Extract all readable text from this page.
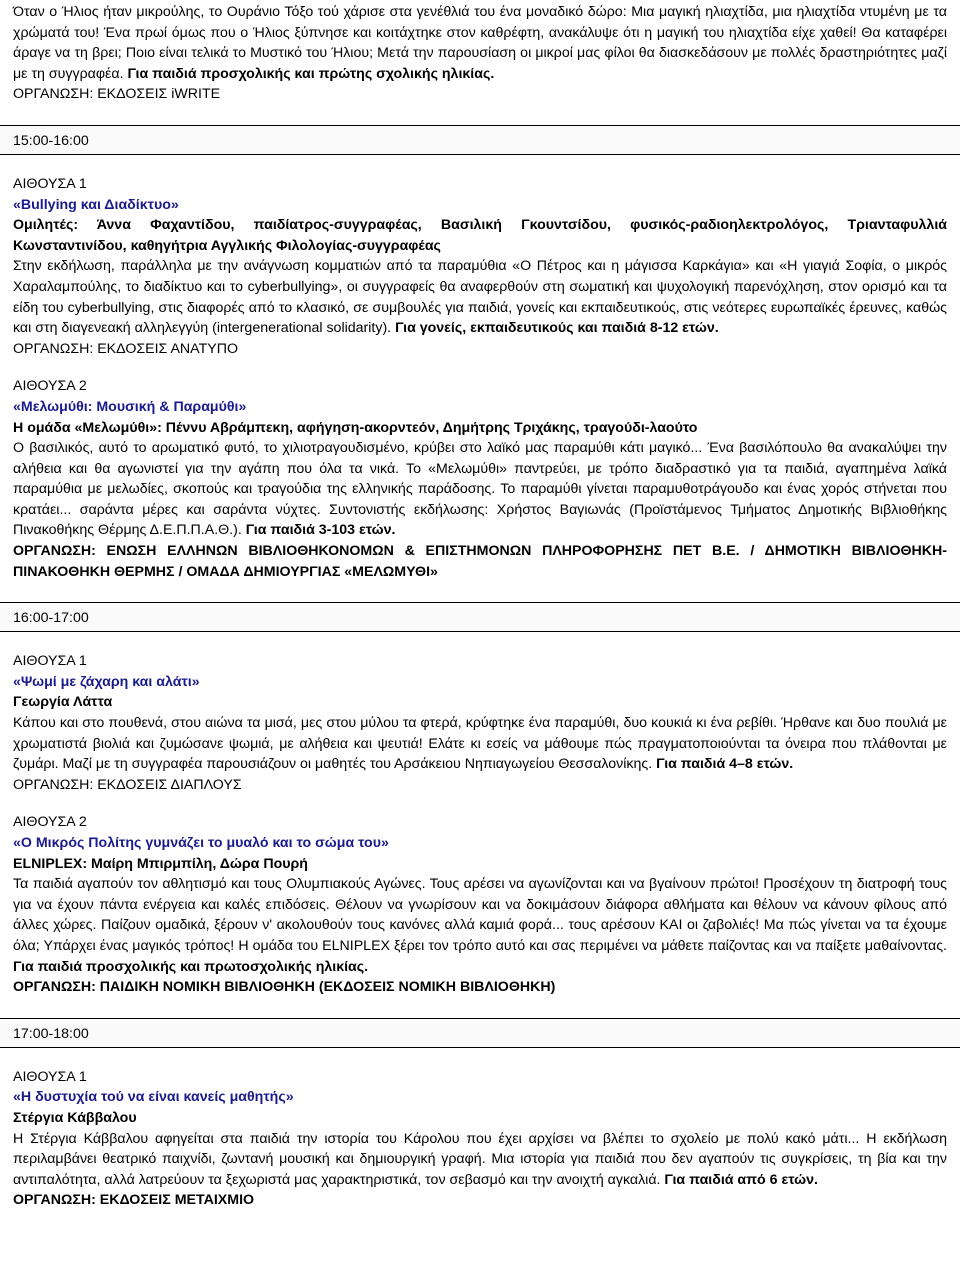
Όταν ο Ήλιος ήταν μικρούλης, το Ουράνιο Τόξο τού χάρισε στα γενέθλιά του ένα μοναδικό δώρο: Μια μαγική ηλιαχτίδα, μια ηλιαχτίδα ντυμένη με τα χρώματά του! Ένα πρωί όμως που ο Ήλιος ξύπνησε και κοιτάχτηκε στον καθρέφτη, ανακάλυψε ότι η μαγική του ηλιαχτίδα είχε χαθεί! Θα καταφέρει άραγε να τη βρει; Ποιο είναι τελικά το Μυστικό του Ήλιου; Μετά την παρουσίαση οι μικροί μας φίλοι θα διασκεδάσουν με πολλές δραστηριότητες μαζί με τη συγγραφέα. Για παιδιά προσχολικής και πρώτης σχολικής ηλικίας.

ΟΡΓΑΝΩΣΗ: ΕΚΔΟΣΕΙΣ iWRITE

15:00-16:00

ΑΙΘΟΥΣΑ 1

«Bullying και Διαδίκτυο»

Ομιλητές: Άννα Φαχαντίδου, παιδίατρος-συγγραφέας, Βασιλική Γκουντσίδου, φυσικός-ραδιοηλεκτρολόγος, Τριανταφυλλιά Κωνσταντινίδου, καθηγήτρια Αγγλικής Φιλολογίας-συγγραφέας

Στην εκδήλωση, παράλληλα με την ανάγνωση κομματιών από τα παραμύθια «Ο Πέτρος και η μάγισσα Καρκάγια» και «Η γιαγιά Σοφία, ο μικρός Χαραλαμπούλης, το διαδίκτυο και το cyberbullying», οι συγγραφείς θα αναφερθούν στη σωματική και ψυχολογική παρενόχληση, στον ορισμό και τα είδη του cyberbullying, στις διαφορές από το κλασικό, σε συμβουλές για παιδιά, γονείς και εκπαιδευτικούς, στις νεότερες ευρωπαϊκές έρευνες, καθώς και στη διαγενεακή αλληλεγγύη (intergenerational solidarity). Για γονείς, εκπαιδευτικούς και παιδιά 8-12 ετών.

ΟΡΓΑΝΩΣΗ: ΕΚΔΟΣΕΙΣ ΑΝΑΤΥΠΟ

ΑΙΘΟΥΣΑ 2

«Μελωμύθι: Μουσική & Παραμύθι»

Η ομάδα «Μελωμύθι»: Πέννυ Αβράμπεκη, αφήγηση-ακορντεόν, Δημήτρης Τριχάκης, τραγούδι-λαούτο

Ο βασιλικός, αυτό το αρωματικό φυτό, το χιλιοτραγουδισμένο, κρύβει στο λαϊκό μας παραμύθι κάτι μαγικό... Ένα βασιλόπουλο θα ανακαλύψει την αλήθεια και θα αγωνιστεί για την αγάπη που όλα τα νικά. Το «Μελωμύθι» παντρεύει, με τρόπο διαδραστικό για τα παιδιά, αγαπημένα λαϊκά παραμύθια με μελωδίες, σκοπούς και τραγούδια της ελληνικής παράδοσης. Το παραμύθι γίνεται παραμυθοτράγουδο και ένας χορός στήνεται που κρατάει... σαράντα μέρες και σαράντα νύχτες. Συντονιστής εκδήλωσης: Χρήστος Βαγιωνάς (Προϊστάμενος Τμήματος Δημοτικής Βιβλιοθήκης Πινακοθήκης Θέρμης Δ.Ε.Π.Π.Α.Θ.). Για παιδιά 3-103 ετών.

ΟΡΓΑΝΩΣΗ: ΕΝΩΣΗ ΕΛΛΗΝΩΝ ΒΙΒΛΙΟΘΗΚΟΝΟΜΩΝ & ΕΠΙΣΤΗΜΟΝΩΝ ΠΛΗΡΟΦΟΡΗΣΗΣ ΠΕΤ Β.Ε. / ΔΗΜΟΤΙΚΗ ΒΙΒΛΙΟΘΗΚΗ-ΠΙΝΑΚΟΘΗΚΗ ΘΕΡΜΗΣ / ΟΜΑΔΑ ΔΗΜΙΟΥΡΓΙΑΣ «ΜΕΛΩΜΥΘΙ»

16:00-17:00

ΑΙΘΟΥΣΑ 1

«Ψωμί με ζάχαρη και αλάτι»

Γεωργία Λάττα

Κάπου και στο πουθενά, στου αιώνα τα μισά, μες στου μύλου τα φτερά, κρύφτηκε ένα παραμύθι, δυο κουκιά κι ένα ρεβίθι. Ήρθανε και δυο πουλιά με χρωματιστά βιολιά και ζυμώσανε ψωμιά, με αλήθεια και ψευτιά! Ελάτε κι εσείς να μάθουμε πώς πραγματοποιούνται τα όνειρα που πλάθονται με ζυμάρι. Μαζί με τη συγγραφέα παρουσιάζουν οι μαθητές του Αρσάκειου Νηπιαγωγείου Θεσσαλονίκης. Για παιδιά 4–8 ετών.

ΟΡΓΑΝΩΣΗ: ΕΚΔΟΣΕΙΣ ΔΙΑΠΛΟΥΣ

ΑΙΘΟΥΣΑ 2

«Ο Μικρός Πολίτης γυμνάζει το μυαλό και το σώμα του»

ELNIPLEX: Μαίρη Μπιρμπίλη, Δώρα Πουρή

Τα παιδιά αγαπούν τον αθλητισμό και τους Ολυμπιακούς Αγώνες. Τους αρέσει να αγωνίζονται και να βγαίνουν πρώτοι! Προσέχουν τη διατροφή τους για να έχουν πάντα ενέργεια και καλές επιδόσεις. Θέλουν να γνωρίσουν και να δοκιμάσουν διάφορα αθλήματα και θέλουν να κάνουν φίλους από άλλες χώρες. Παίζουν ομαδικά, ξέρουν ν' ακολουθούν τους κανόνες αλλά καμιά φορά... τους αρέσουν ΚΑΙ οι ζαβολιές! Μα πώς γίνεται να τα έχουμε όλα; Υπάρχει ένας μαγικός τρόπος! Η ομάδα του ELNIPLEX ξέρει τον τρόπο αυτό και σας περιμένει να μάθετε παίζοντας και να παίξετε μαθαίνοντας. Για παιδιά προσχολικής και πρωτοσχολικής ηλικίας.

ΟΡΓΑΝΩΣΗ: ΠΑΙΔΙΚΗ ΝΟΜΙΚΗ ΒΙΒΛΙΟΘΗΚΗ (ΕΚΔΟΣΕΙΣ ΝΟΜΙΚΗ ΒΙΒΛΙΟΘΗΚΗ)

17:00-18:00

ΑΙΘΟΥΣΑ 1

«Η δυστυχία τού να είναι κανείς μαθητής»

Στέργια Κάββαλου

Η Στέργια Κάββαλου αφηγείται στα παιδιά την ιστορία του Κάρολου που έχει αρχίσει να βλέπει το σχολείο με πολύ κακό μάτι... Η εκδήλωση περιλαμβάνει θεατρικό παιχνίδι, ζωντανή μουσική και δημιουργική γραφή. Μια ιστορία για παιδιά που δεν αγαπούν τις συγκρίσεις, τη βία και την αντιπαλότητα, αλλά λατρεύουν τα ξεχωριστά μας χαρακτηριστικά, τον σεβασμό και την ανοιχτή αγκαλιά. Για παιδιά από 6 ετών.

ΟΡΓΑΝΩΣΗ: ΕΚΔΟΣΕΙΣ ΜΕΤΑΙΧΜΙΟ
